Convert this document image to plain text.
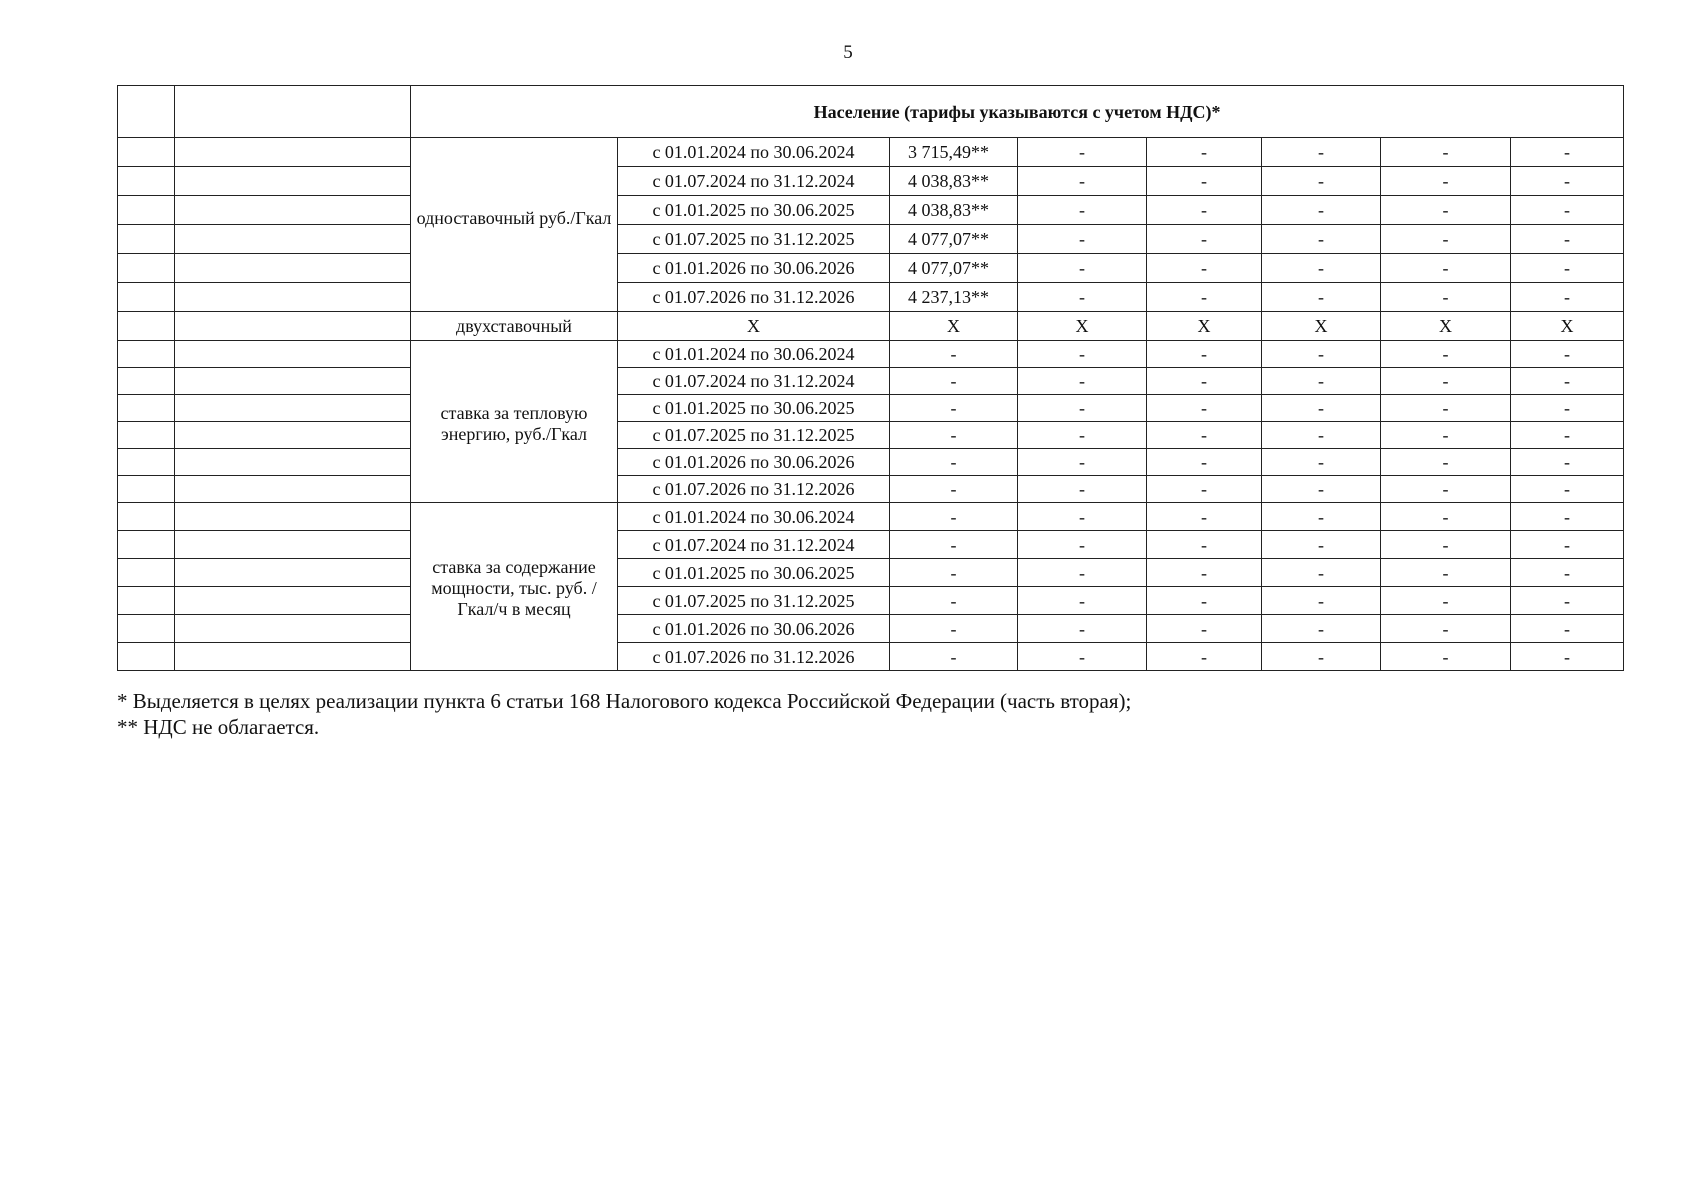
5
		Население (тарифы указываются с учетом НДС)*							
		одноставочный руб./Гкал	с 01.01.2024 по 30.06.2024	3 715,49**	-	-	-	-	-
			с 01.07.2024 по 31.12.2024	4 038,83**	-	-	-	-	-
			с 01.01.2025 по 30.06.2025	4 038,83**	-	-	-	-	-
			с 01.07.2025 по 31.12.2025	4 077,07**	-	-	-	-	-
			с 01.01.2026 по 30.06.2026	4 077,07**	-	-	-	-	-
			с 01.07.2026 по 31.12.2026	4 237,13**	-	-	-	-	-
		двухставочный	X	X	X	X	X	X	X
		ставка за тепловую энергию, руб./Гкал	с 01.01.2024 по 30.06.2024	-	-	-	-	-	-
			с 01.07.2024 по 31.12.2024	-	-	-	-	-	-
			с 01.01.2025 по 30.06.2025	-	-	-	-	-	-
			с 01.07.2025 по 31.12.2025	-	-	-	-	-	-
			с 01.01.2026 по 30.06.2026	-	-	-	-	-	-
			с 01.07.2026 по 31.12.2026	-	-	-	-	-	-
		ставка за содержание мощности, тыс. руб. /Гкал/ч в месяц	с 01.01.2024 по 30.06.2024	-	-	-	-	-	-
			с 01.07.2024 по 31.12.2024	-	-	-	-	-	-
			с 01.01.2025 по 30.06.2025	-	-	-	-	-	-
			с 01.07.2025 по 31.12.2025	-	-	-	-	-	-
			с 01.01.2026 по 30.06.2026	-	-	-	-	-	-
			с 01.07.2026 по 31.12.2026	-	-	-	-	-	-
* Выделяется в целях реализации пункта 6 статьи 168 Налогового кодекса Российской Федерации (часть вторая);
** НДС не облагается.
